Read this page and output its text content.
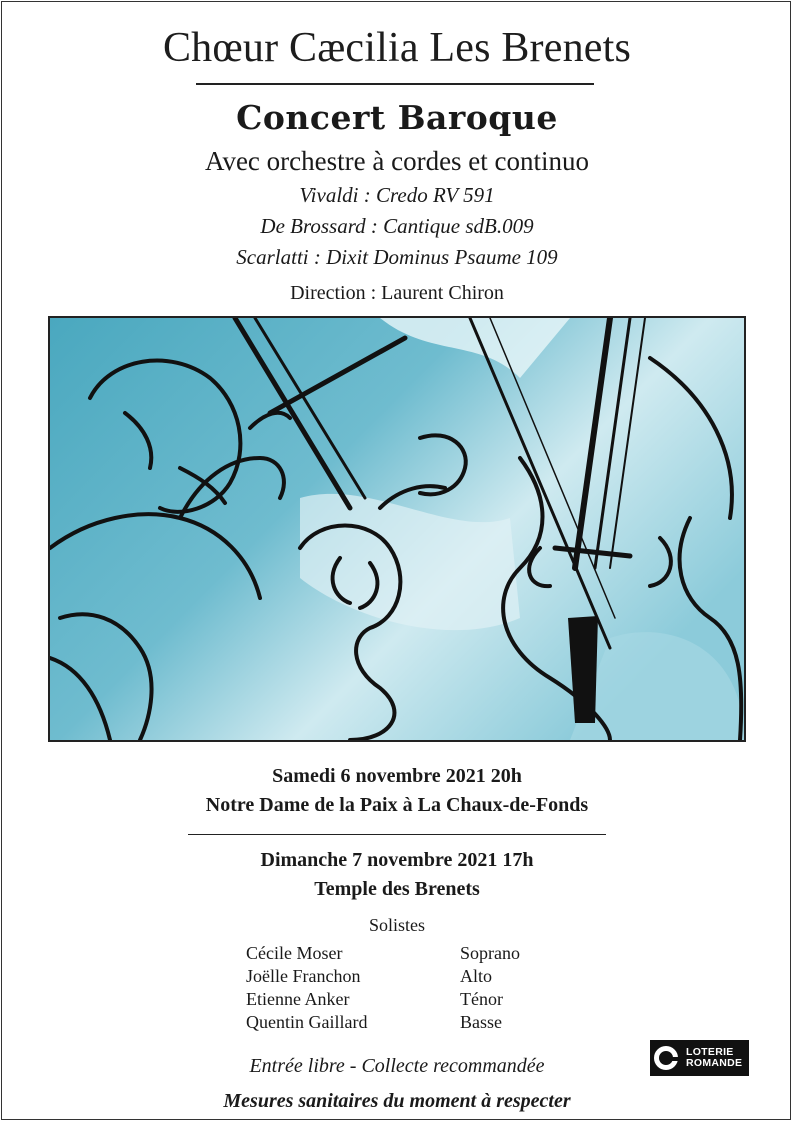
Chœur Cæcilia Les Brenets
Concert Baroque
Avec orchestre à cordes et continuo
Vivaldi : Credo RV 591
De Brossard : Cantique sdB.009
Scarlatti : Dixit Dominus Psaume 109
Direction : Laurent Chiron
Samedi 6 novembre 2021 20h
Notre Dame de la Paix à La Chaux-de-Fonds
Dimanche 7 novembre 2021 17h
Temple des Brenets
Solistes
Cécile Moser	Soprano
Joëlle Franchon	Alto
Etienne Anker	Ténor
Quentin Gaillard	Basse
Entrée libre - Collecte recommandée
Mesures sanitaires du moment à respecter
LOTERIE
ROMANDE
